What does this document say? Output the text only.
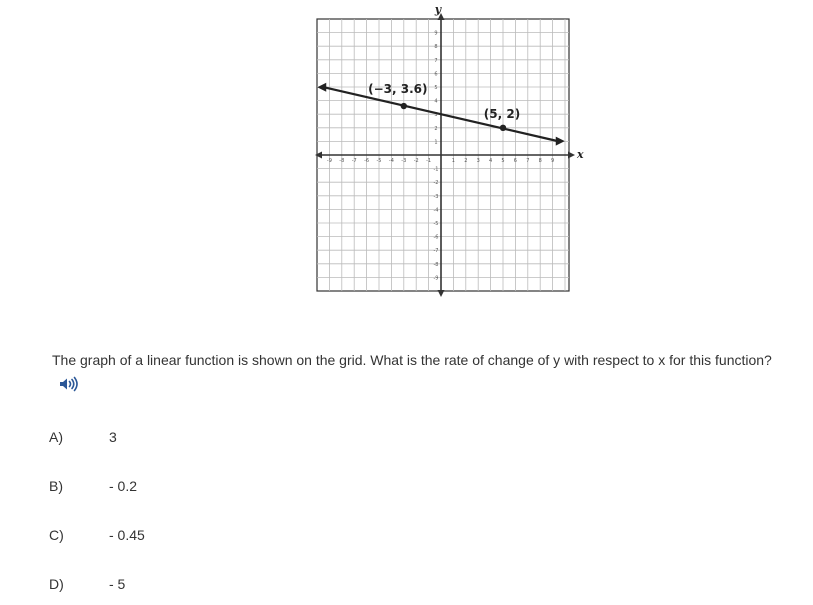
y
x
-9 -8 -7 -6 -5 -4 -3 -2 -1	1 2 3 4 5 6 7 8 9
9
8
7
6
5
4
3
2
1
-1
-2
-3
-4
-5
-6
-7
-8
-9
(−3, 3.6)
(5, 2)

The graph of a linear function is shown on the grid. What is the rate of change of y with respect to x for this function?

A)	3
B)	- 0.2
C)	- 0.45
D)	- 5
